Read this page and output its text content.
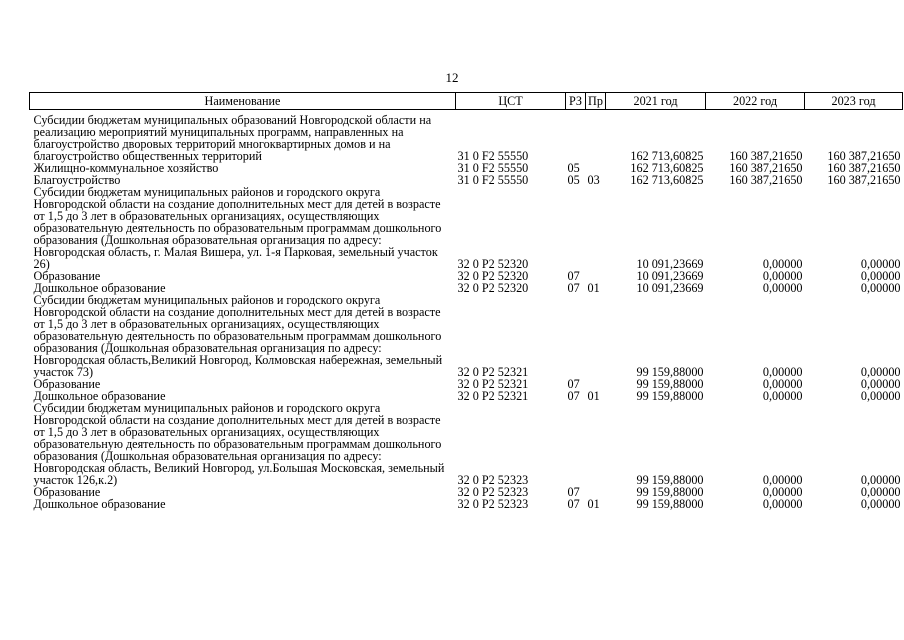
12
Наименование	ЦСТ	РЗ	Пр	2021 год	2022 год	2023 год

Субсидии бюджетам муниципальных образований Новгородской области на реализацию мероприятий муниципальных программ, направленных на благоустройство дворовых территорий многоквартирных домов и на благоустройство общественных территорий	31 0 F2 55550			162 713,60825	160 387,21650	160 387,21650
Жилищно-коммунальное хозяйство	31 0 F2 55550	05		162 713,60825	160 387,21650	160 387,21650
Благоустройство	31 0 F2 55550	05	03	162 713,60825	160 387,21650	160 387,21650
Субсидии бюджетам муниципальных районов и городского округа Новгородской области на создание дополнительных мест для детей в возрасте от 1,5 до 3 лет в образовательных организациях, осуществляющих образовательную деятельность по образовательным программам дошкольного образования (Дошкольная образовательная организация по адресу: Новгородская область, г. Малая Вишера, ул. 1-я Парковая, земельный участок 26)	32 0 P2 52320			10 091,23669	0,00000	0,00000
Образование	32 0 P2 52320	07		10 091,23669	0,00000	0,00000
Дошкольное образование	32 0 P2 52320	07	01	10 091,23669	0,00000	0,00000
Субсидии бюджетам муниципальных районов и городского округа Новгородской области на создание дополнительных мест для детей в возрасте от 1,5 до 3 лет в образовательных организациях, осуществляющих образовательную деятельность по образовательным программам дошкольного образования (Дошкольная образовательная организация по адресу: Новгородская область,Великий Новгород, Колмовская набережная, земельный участок 73)	32 0 P2 52321			99 159,88000	0,00000	0,00000
Образование	32 0 P2 52321	07		99 159,88000	0,00000	0,00000
Дошкольное образование	32 0 P2 52321	07	01	99 159,88000	0,00000	0,00000
Субсидии бюджетам муниципальных районов и городского округа Новгородской области на создание дополнительных мест для детей в возрасте от 1,5 до 3 лет в образовательных организациях, осуществляющих образовательную деятельность по образовательным программам дошкольного образования (Дошкольная образовательная организация по адресу: Новгородская область, Великий Новгород, ул.Большая Московская, земельный участок 126,к.2)	32 0 P2 52323			99 159,88000	0,00000	0,00000
Образование	32 0 P2 52323	07		99 159,88000	0,00000	0,00000
Дошкольное образование	32 0 P2 52323	07	01	99 159,88000	0,00000	0,00000
